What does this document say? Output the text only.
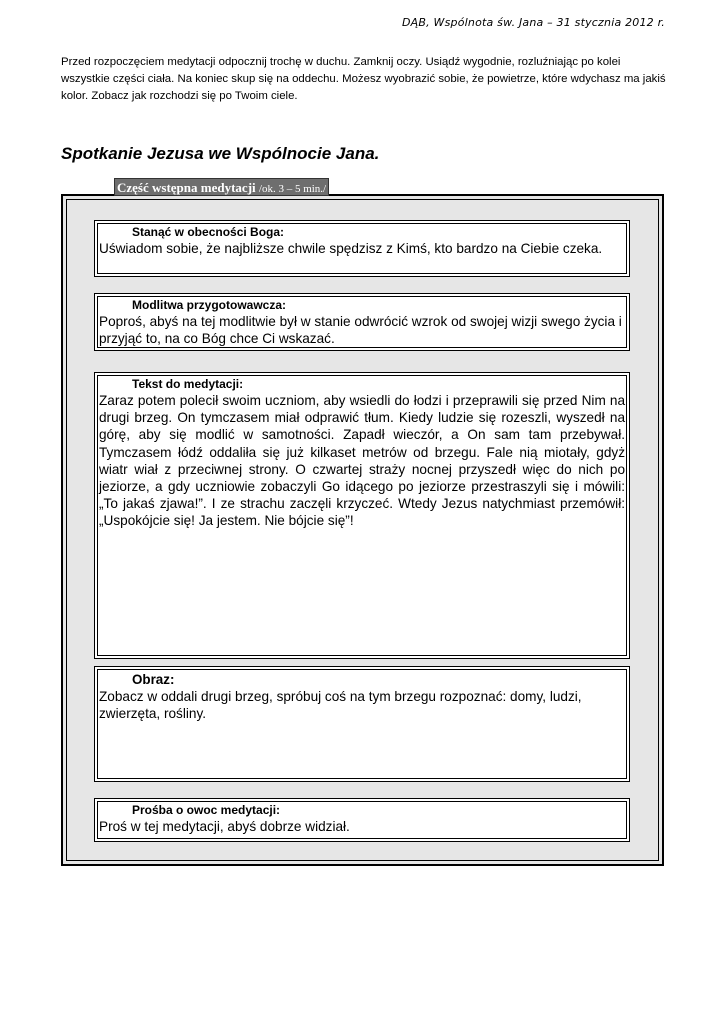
DĄB, Wspólnota św. Jana – 31 stycznia 2012 r.
Przed rozpoczęciem medytacji odpocznij trochę w duchu. Zamknij oczy. Usiądź wygodnie, rozluźniając po kolei wszystkie części ciała. Na koniec skup się na oddechu. Możesz wyobrazić sobie, że powietrze, które wdychasz ma jakiś kolor. Zobacz jak rozchodzi się po Twoim ciele.
Spotkanie Jezusa we Wspólnocie Jana.
Stanąć w obecności Boga:
Uświadom sobie, że najbliższe chwile spędzisz z Kimś, kto bardzo na Ciebie czeka.
Modlitwa przygotowawcza:
Poproś, abyś na tej modlitwie był w stanie odwrócić wzrok od swojej wizji swego życia i przyjąć to, na co Bóg chce Ci wskazać.
Tekst do medytacji:
Zaraz potem polecił swoim uczniom, aby wsiedli do łodzi i przeprawili się przed Nim na drugi brzeg. On tymczasem miał odprawić tłum. Kiedy ludzie się rozeszli, wyszedł na górę, aby się modlić w samotności. Zapadł wieczór, a On sam tam przebywał. Tymczasem łódź oddaliła się już kilkaset metrów od brzegu. Fale nią miotały, gdyż wiatr wiał z przeciwnej strony. O czwartej straży nocnej przyszedł więc do nich po jeziorze, a gdy uczniowie zobaczyli Go idącego po jeziorze przestraszyli się i mówili: „To jakaś zjawa!”. I ze strachu zaczęli krzyczeć. Wtedy Jezus natychmiast przemówił: „Uspokójcie się! Ja jestem. Nie bójcie się”!
Obraz:
Zobacz w oddali drugi brzeg, spróbuj coś na tym brzegu rozpoznać: domy, ludzi, zwierzęta, rośliny.
Prośba o owoc medytacji:
Proś w tej medytacji, abyś dobrze widział.
Część wstępna medytacji /ok. 3 – 5 min./
